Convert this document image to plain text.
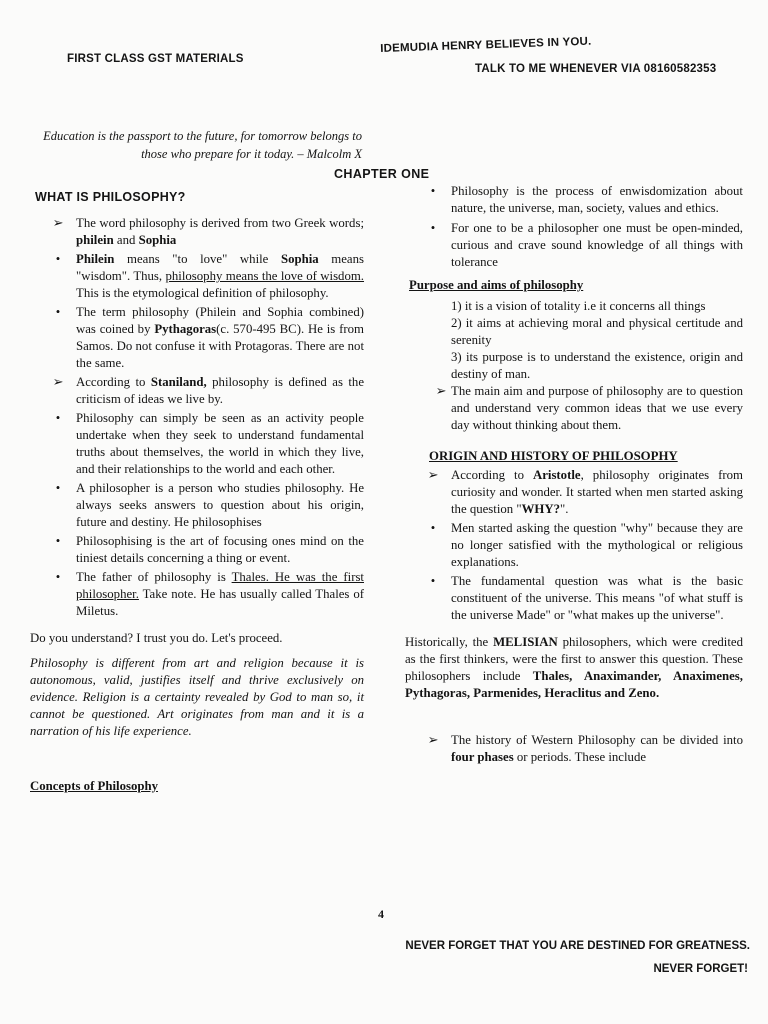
FIRST CLASS GST MATERIALS
IDEMUDIA HENRY BELIEVES IN YOU.
TALK TO ME WHENEVER VIA 08160582353
Education is the passport to the future, for tomorrow belongs to those who prepare for it today. – Malcolm X
CHAPTER ONE

WHAT IS PHILOSOPHY?

➢ The word philosophy is derived from two Greek words; philein and Sophia
•	Philein means "to love" while Sophia means "wisdom". Thus, philosophy means the love of wisdom. This is the etymological definition of philosophy.
•	The term philosophy (Philein and Sophia combined) was coined by Pythagoras(c. 570-495 BC). He is from Samos. Do not confuse it with Protagoras. There are not the same.
➢ According to Staniland, philosophy is defined as the criticism of ideas we live by.
•	Philosophy can simply be seen as an activity people undertake when they seek to understand fundamental truths about themselves, the world in which they live, and their relationships to the world and each other.
•	A philosopher is a person who studies philosophy. He always seeks answers to question about his origin, future and destiny. He philosophises
•	Philosophising is the art of focusing ones mind on the tiniest details concerning a thing or event.
•	The father of philosophy is Thales. He was the first philosopher. Take note. He has usually called Thales of Miletus.

Do you understand? I trust you do. Let's proceed.

Philosophy is different from art and religion because it is autonomous, valid, justifies itself and thrive exclusively on evidence. Religion is a certainty revealed by God to man so, it cannot be questioned. Art originates from man and it is a narration of his life experience.

Concepts of Philosophy

•	Philosophy is the process of enwisdomization about nature, the universe, man, society, values and ethics.
•	For one to be a philosopher one must be open-minded, curious and crave sound knowledge of all things with tolerance

Purpose and aims of philosophy

1) it is a vision of totality i.e it concerns all things

2) it aims at achieving moral and physical certitude and serenity

3) its purpose is to understand the existence, origin and destiny of man.

➢ The main aim and purpose of philosophy are to question and understand very common ideas that we use every day without thinking about them.

ORIGIN AND HISTORY OF PHILOSOPHY

➢ According to Aristotle, philosophy originates from curiosity and wonder. It started when men started asking the question "WHY?".
•	Men started asking the question "why" because they are no longer satisfied with the mythological or religious explanations.
•	The fundamental question was what is the basic constituent of the universe. This means "of what stuff is the universe Made" or "what makes up the universe".

Historically, the MELISIAN philosophers, which were credited as the first thinkers, were the first to answer this question. These philosophers include Thales, Anaximander, Anaximenes, Pythagoras, Parmenides, Heraclitus and Zeno.

➢ The history of Western Philosophy can be divided into four phases or periods. These include
4
NEVER FORGET THAT YOU ARE DESTINED FOR GREATNESS.
NEVER FORGET!
